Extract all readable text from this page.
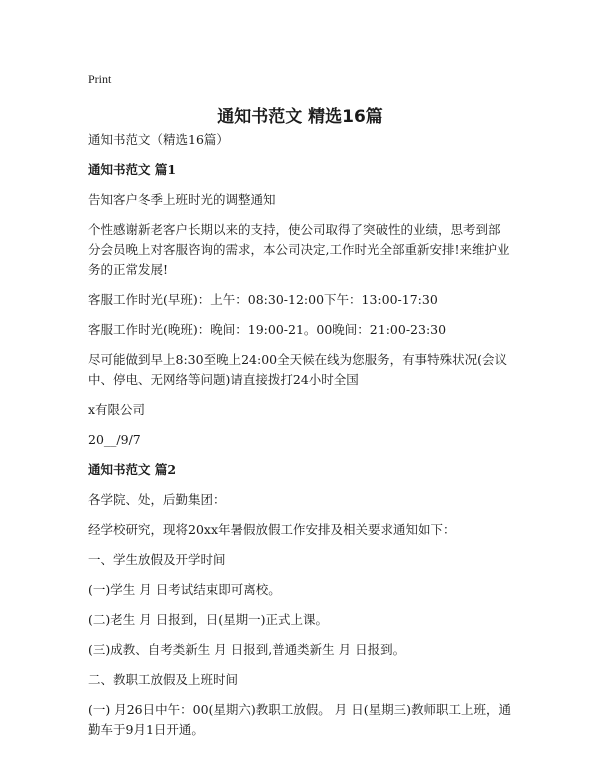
Print
通知书范文 精选16篇

通知书范文（精选16篇）

通知书范文 篇1

告知客户冬季上班时光的调整通知

个性感谢新老客户长期以来的支持，使公司取得了突破性的业绩，思考到部分会员晚上对客服咨询的需求，本公司决定,工作时光全部重新安排!来维护业务的正常发展!

客服工作时光(早班)：上午：08:30-12:00下午：13:00-17:30

客服工作时光(晚班)：晚间：19:00-21。00晚间：21:00-23:30

尽可能做到早上8:30至晚上24:00全天候在线为您服务，有事特殊状况(会议中、停电、无网络等问题)请直接拨打24小时全国

x有限公司

20__/9/7

通知书范文 篇2

各学院、处，后勤集团：

经学校研究，现将20xx年暑假放假工作安排及相关要求通知如下：

一、学生放假及开学时间

(一)学生 月 日考试结束即可离校。

(二)老生 月 日报到，日(星期一)正式上课。

(三)成教、自考类新生 月 日报到,普通类新生 月 日报到。

二、教职工放假及上班时间

(一) 月26日中午：00(星期六)教职工放假。 月 日(星期三)教师职工上班，通勤车于9月1日开通。
